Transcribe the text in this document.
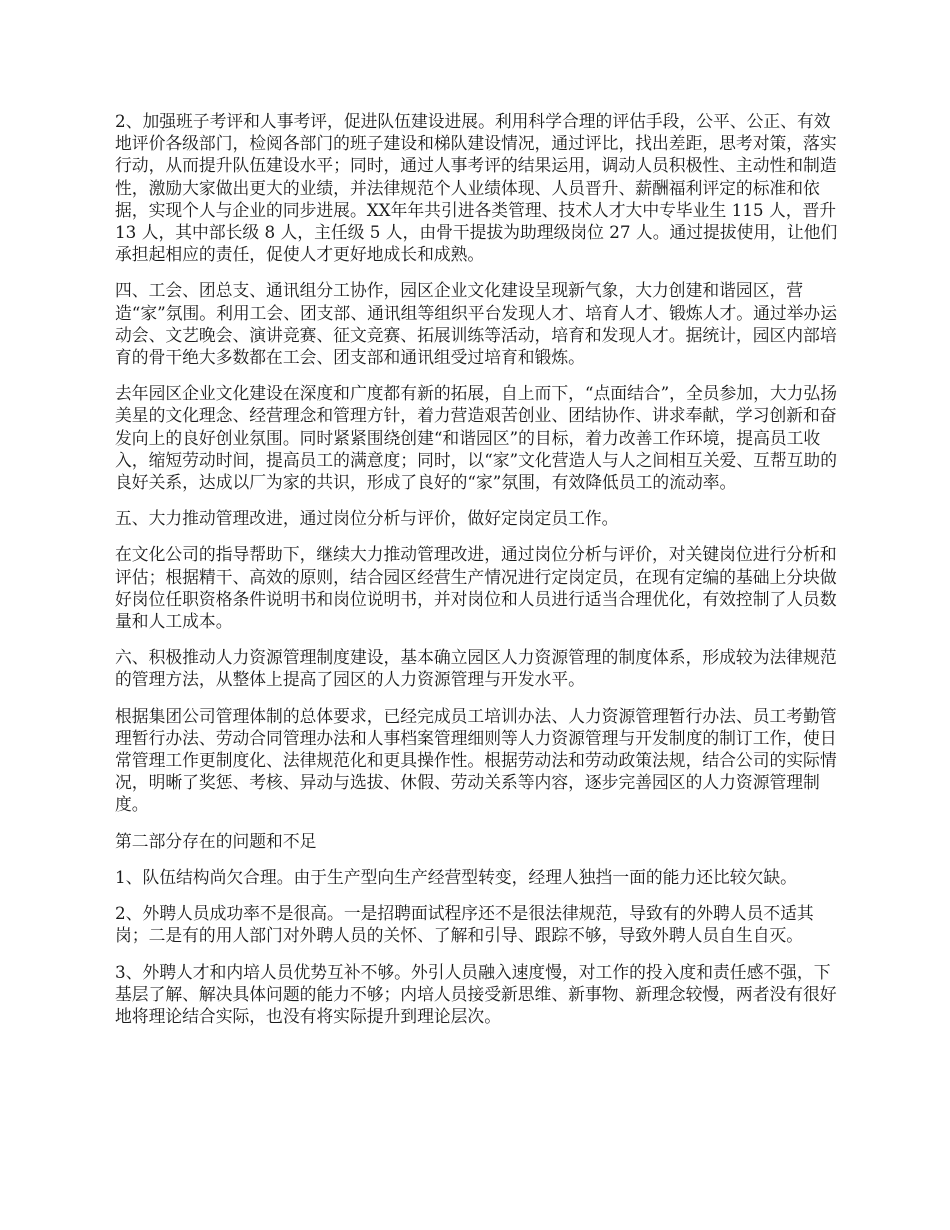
2、加强班子考评和人事考评，促进队伍建设进展。利用科学合理的评估手段，公平、公正、有效地评价各级部门，检阅各部门的班子建设和梯队建设情况，通过评比，找出差距，思考对策，落实行动，从而提升队伍建设水平；同时，通过人事考评的结果运用，调动人员积极性、主动性和制造性，激励大家做出更大的业绩，并法律规范个人业绩体现、人员晋升、薪酬福利评定的标准和依据，实现个人与企业的同步进展。XX年年共引进各类管理、技术人才大中专毕业生 115 人，晋升 13 人，其中部长级 8 人，主任级 5 人，由骨干提拔为助理级岗位 27 人。通过提拔使用，让他们承担起相应的责任，促使人才更好地成长和成熟。

四、工会、团总支、通讯组分工协作，园区企业文化建设呈现新气象，大力创建和谐园区，营造“家”氛围。利用工会、团支部、通讯组等组织平台发现人才、培育人才、锻炼人才。通过举办运动会、文艺晚会、演讲竞赛、征文竞赛、拓展训练等活动，培育和发现人才。据统计，园区内部培育的骨干绝大多数都在工会、团支部和通讯组受过培育和锻炼。

去年园区企业文化建设在深度和广度都有新的拓展，自上而下，“点面结合”，全员参加，大力弘扬美星的文化理念、经营理念和管理方针，着力营造艰苦创业、团结协作、讲求奉献，学习创新和奋发向上的良好创业氛围。同时紧紧围绕创建“和谐园区”的目标，着力改善工作环境，提高员工收入，缩短劳动时间，提高员工的满意度；同时，以“家”文化营造人与人之间相互关爱、互帮互助的良好关系，达成以厂为家的共识，形成了良好的“家”氛围，有效降低员工的流动率。

五、大力推动管理改进，通过岗位分析与评价，做好定岗定员工作。

在文化公司的指导帮助下，继续大力推动管理改进，通过岗位分析与评价，对关键岗位进行分析和评估；根据精干、高效的原则，结合园区经营生产情况进行定岗定员，在现有定编的基础上分块做好岗位任职资格条件说明书和岗位说明书，并对岗位和人员进行适当合理优化，有效控制了人员数量和人工成本。

六、积极推动人力资源管理制度建设，基本确立园区人力资源管理的制度体系，形成较为法律规范的管理方法，从整体上提高了园区的人力资源管理与开发水平。

根据集团公司管理体制的总体要求，已经完成员工培训办法、人力资源管理暂行办法、员工考勤管理暂行办法、劳动合同管理办法和人事档案管理细则等人力资源管理与开发制度的制订工作，使日常管理工作更制度化、法律规范化和更具操作性。根据劳动法和劳动政策法规，结合公司的实际情况，明晰了奖惩、考核、异动与选拔、休假、劳动关系等内容，逐步完善园区的人力资源管理制度。

第二部分存在的问题和不足

1、队伍结构尚欠合理。由于生产型向生产经营型转变，经理人独挡一面的能力还比较欠缺。

2、外聘人员成功率不是很高。一是招聘面试程序还不是很法律规范，导致有的外聘人员不适其岗；二是有的用人部门对外聘人员的关怀、了解和引导、跟踪不够，导致外聘人员自生自灭。

3、外聘人才和内培人员优势互补不够。外引人员融入速度慢，对工作的投入度和责任感不强，下基层了解、解决具体问题的能力不够；内培人员接受新思维、新事物、新理念较慢，两者没有很好地将理论结合实际，也没有将实际提升到理论层次。
